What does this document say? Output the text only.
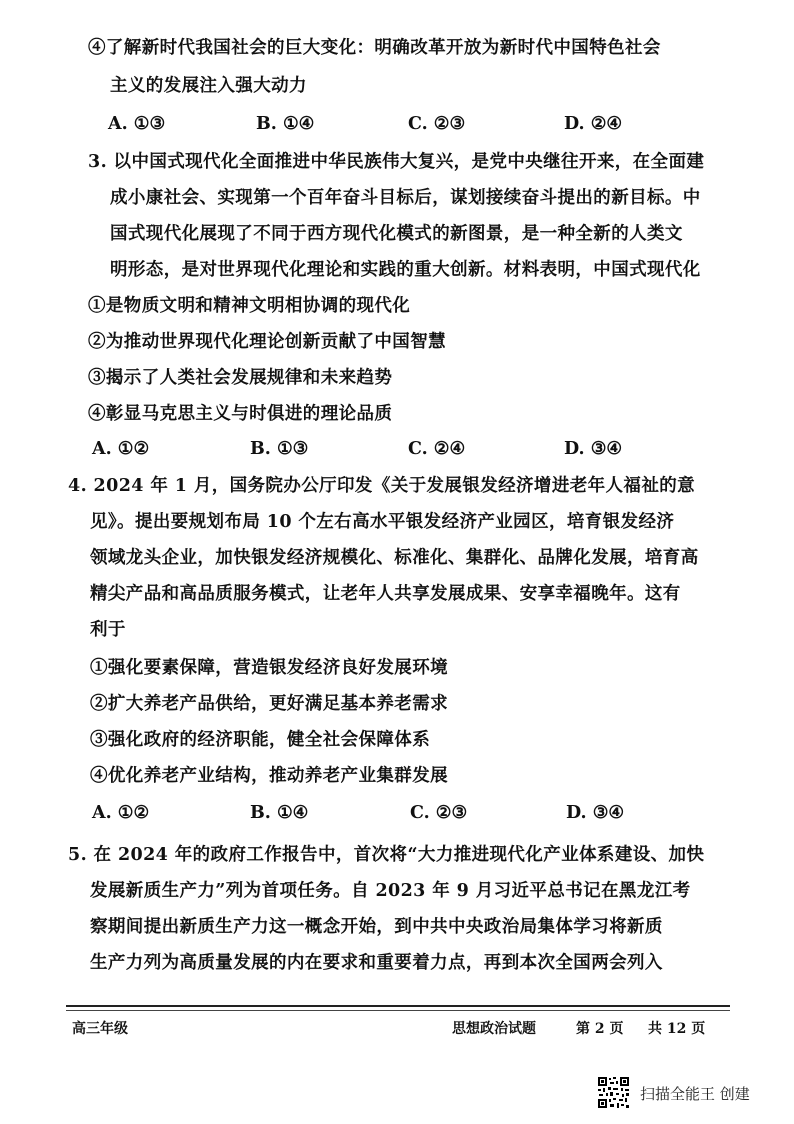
④了解新时代我国社会的巨大变化：明确改革开放为新时代中国特色社会
主义的发展注入强大动力
A. ①③	B. ①④	C. ②③	D. ②④
3. 以中国式现代化全面推进中华民族伟大复兴，是党中央继往开来，在全面建
成小康社会、实现第一个百年奋斗目标后，谋划接续奋斗提出的新目标。中
国式现代化展现了不同于西方现代化模式的新图景，是一种全新的人类文
明形态，是对世界现代化理论和实践的重大创新。材料表明，中国式现代化
①是物质文明和精神文明相协调的现代化
②为推动世界现代化理论创新贡献了中国智慧
③揭示了人类社会发展规律和未来趋势
④彰显马克思主义与时俱进的理论品质
A. ①②	B. ①③	C. ②④	D. ③④
4. 2024 年 1 月，国务院办公厅印发《关于发展银发经济增进老年人福祉的意
见》。提出要规划布局 10 个左右高水平银发经济产业园区，培育银发经济
领域龙头企业，加快银发经济规模化、标准化、集群化、品牌化发展，培育高
精尖产品和高品质服务模式，让老年人共享发展成果、安享幸福晚年。这有
利于
①强化要素保障，营造银发经济良好发展环境
②扩大养老产品供给，更好满足基本养老需求
③强化政府的经济职能，健全社会保障体系
④优化养老产业结构，推动养老产业集群发展
A. ①②	B. ①④	C. ②③	D. ③④
5. 在 2024 年的政府工作报告中，首次将“大力推进现代化产业体系建设、加快
发展新质生产力”列为首项任务。自 2023 年 9 月习近平总书记在黑龙江考
察期间提出新质生产力这一概念开始，到中共中央政治局集体学习将新质
生产力列为高质量发展的内在要求和重要着力点，再到本次全国两会列入
高三年级	思想政治试题	第 2 页 共 12 页
扫描全能王 创建
